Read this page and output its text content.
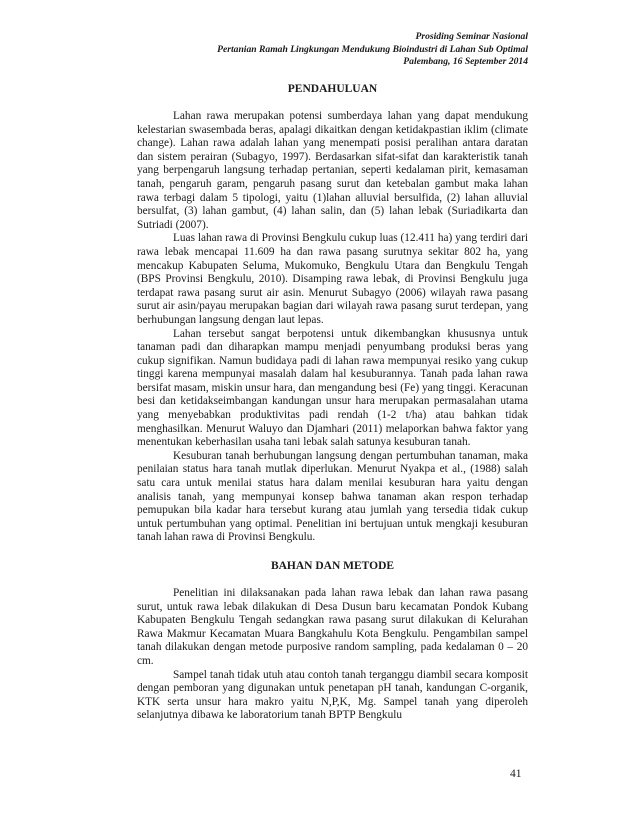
Prosiding Seminar Nasional
Pertanian Ramah Lingkungan Mendukung Bioindustri di Lahan Sub Optimal
Palembang, 16 September 2014
PENDAHULUAN

Lahan rawa merupakan potensi sumberdaya lahan yang dapat mendukung kelestarian swasembada beras, apalagi dikaitkan dengan ketidakpastian iklim (climate change). Lahan rawa adalah lahan yang menempati posisi peralihan antara daratan dan sistem perairan (Subagyo, 1997). Berdasarkan sifat-sifat dan karakteristik tanah yang berpengaruh langsung terhadap pertanian, seperti kedalaman pirit, kemasaman tanah, pengaruh garam, pengaruh pasang surut dan ketebalan gambut maka lahan rawa terbagi dalam 5 tipologi, yaitu (1)lahan alluvial bersulfida, (2) lahan alluvial bersulfat, (3) lahan gambut, (4) lahan salin, dan (5) lahan lebak (Suriadikarta dan Sutriadi (2007).

Luas lahan rawa di Provinsi Bengkulu cukup luas (12.411 ha) yang terdiri dari rawa lebak mencapai 11.609 ha dan rawa pasang surutnya sekitar 802 ha, yang mencakup Kabupaten Seluma, Mukomuko, Bengkulu Utara dan Bengkulu Tengah (BPS Provinsi Bengkulu, 2010). Disamping rawa lebak, di Provinsi Bengkulu juga terdapat rawa pasang surut air asin. Menurut Subagyo (2006) wilayah rawa pasang surut air asin/payau merupakan bagian dari wilayah rawa pasang surut terdepan, yang berhubungan langsung dengan laut lepas.

Lahan tersebut sangat berpotensi untuk dikembangkan khususnya untuk tanaman padi dan diharapkan mampu menjadi penyumbang produksi beras yang cukup signifikan. Namun budidaya padi di lahan rawa mempunyai resiko yang cukup tinggi karena mempunyai masalah dalam hal kesuburannya. Tanah pada lahan rawa bersifat masam, miskin unsur hara, dan mengandung besi (Fe) yang tinggi. Keracunan besi dan ketidakseimbangan kandungan unsur hara merupakan permasalahan utama yang menyebabkan produktivitas padi rendah (1-2 t/ha) atau bahkan tidak menghasilkan. Menurut Waluyo dan Djamhari (2011) melaporkan bahwa faktor yang menentukan keberhasilan usaha tani lebak salah satunya kesuburan tanah.

Kesuburan tanah berhubungan langsung dengan pertumbuhan tanaman, maka penilaian status hara tanah mutlak diperlukan. Menurut Nyakpa et al., (1988) salah satu cara untuk menilai status hara dalam menilai kesuburan hara yaitu dengan analisis tanah, yang mempunyai konsep bahwa tanaman akan respon terhadap pemupukan bila kadar hara tersebut kurang atau jumlah yang tersedia tidak cukup untuk pertumbuhan yang optimal. Penelitian ini bertujuan untuk mengkaji kesuburan tanah lahan rawa di Provinsi Bengkulu.

BAHAN DAN METODE

Penelitian ini dilaksanakan pada lahan rawa lebak dan lahan rawa pasang surut, untuk rawa lebak dilakukan di Desa Dusun baru kecamatan Pondok Kubang Kabupaten Bengkulu Tengah sedangkan rawa pasang surut dilakukan di Kelurahan Rawa Makmur Kecamatan Muara Bangkahulu Kota Bengkulu. Pengambilan sampel tanah dilakukan dengan metode purposive random sampling, pada kedalaman 0 – 20 cm.

Sampel tanah tidak utuh atau contoh tanah terganggu diambil secara komposit dengan pemboran yang digunakan untuk penetapan pH tanah, kandungan C-organik, KTK serta unsur hara makro yaitu N,P,K, Mg. Sampel tanah yang diperoleh selanjutnya dibawa ke laboratorium tanah BPTP Bengkulu

41
